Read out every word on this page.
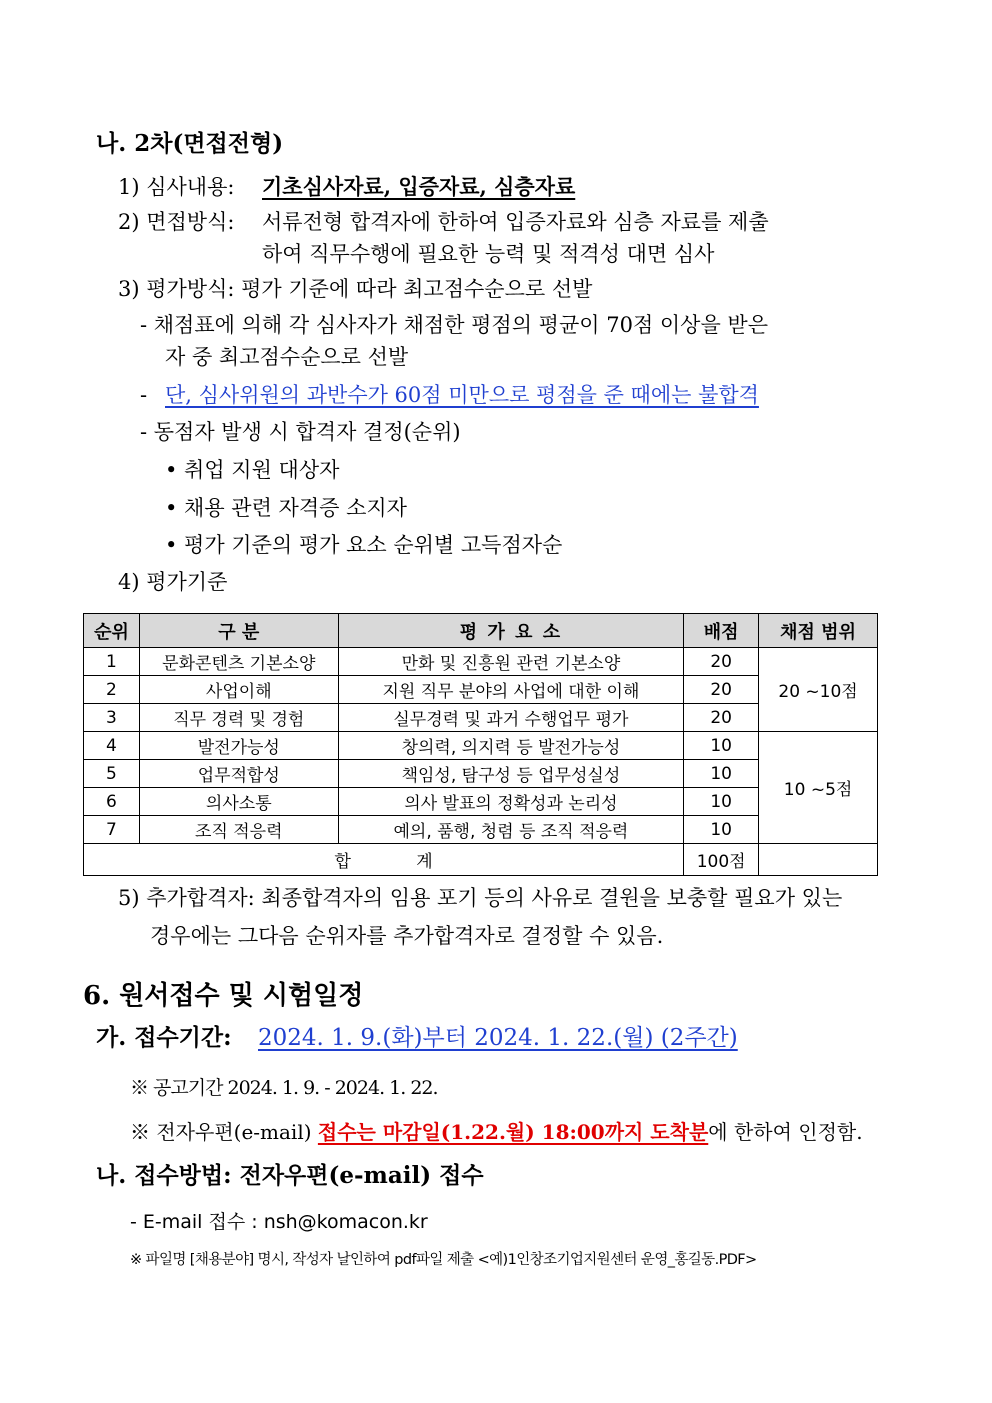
나. 2차(면접전형)
1) 심사내용: 기초심사자료, 입증자료, 심층자료
2) 면접방식: 서류전형 합격자에 한하여 입증자료와 심층 자료를 제출
하여 직무수행에 필요한 능력 및 적격성 대면 심사
3) 평가방식: 평가 기준에 따라 최고점수순으로 선발
- 채점표에 의해 각 심사자가 채점한 평점의 평균이 70점 이상을 받은
자 중 최고점수순으로 선발
- 단, 심사위원의 과반수가 60점 미만으로 평점을 준 때에는 불합격
- 동점자 발생 시 합격자 결정(순위)
• 취업 지원 대상자
• 채용 관련 자격증 소지자
• 평가 기준의 평가 요소 순위별 고득점자순
4) 평가기준
순위	구 분	평 가 요 소	배점	채점 범위
1	문화콘텐츠 기본소양	만화 및 진흥원 관련 기본소양	20	20 ~10점
2	사업이해	지원 직무 분야의 사업에 대한 이해	20	
3	직무 경력 및 경험	실무경력 및 과거 수행업무 평가	20	
4	발전가능성	창의력, 의지력 등 발전가능성	10	10 ~5점
5	업무적합성	책임성, 탐구성 등 업무성실성	10	
6	의사소통	의사 발표의 정확성과 논리성	10	
7	조직 적응력	예의, 품행, 청렴 등 조직 적응력	10	
합 계			100점	
5) 추가합격자: 최종합격자의 임용 포기 등의 사유로 결원을 보충할 필요가 있는
경우에는 그다음 순위자를 추가합격자로 결정할 수 있음.
6. 원서접수 및 시험일정
가. 접수기간: 2024. 1. 9.(화)부터 2024. 1. 22.(월) (2주간)
※ 공고기간 2024. 1. 9. - 2024. 1. 22.
※ 전자우편(e-mail) 접수는 마감일(1.22.월) 18:00까지 도착분에 한하여 인정함.
나. 접수방법: 전자우편(e-mail) 접수
- E-mail 접수 : nsh@komacon.kr
※ 파일명 [채용분야] 명시, 작성자 날인하여 pdf파일 제출 <예)1인창조기업지원센터 운영_홍길동.PDF>
